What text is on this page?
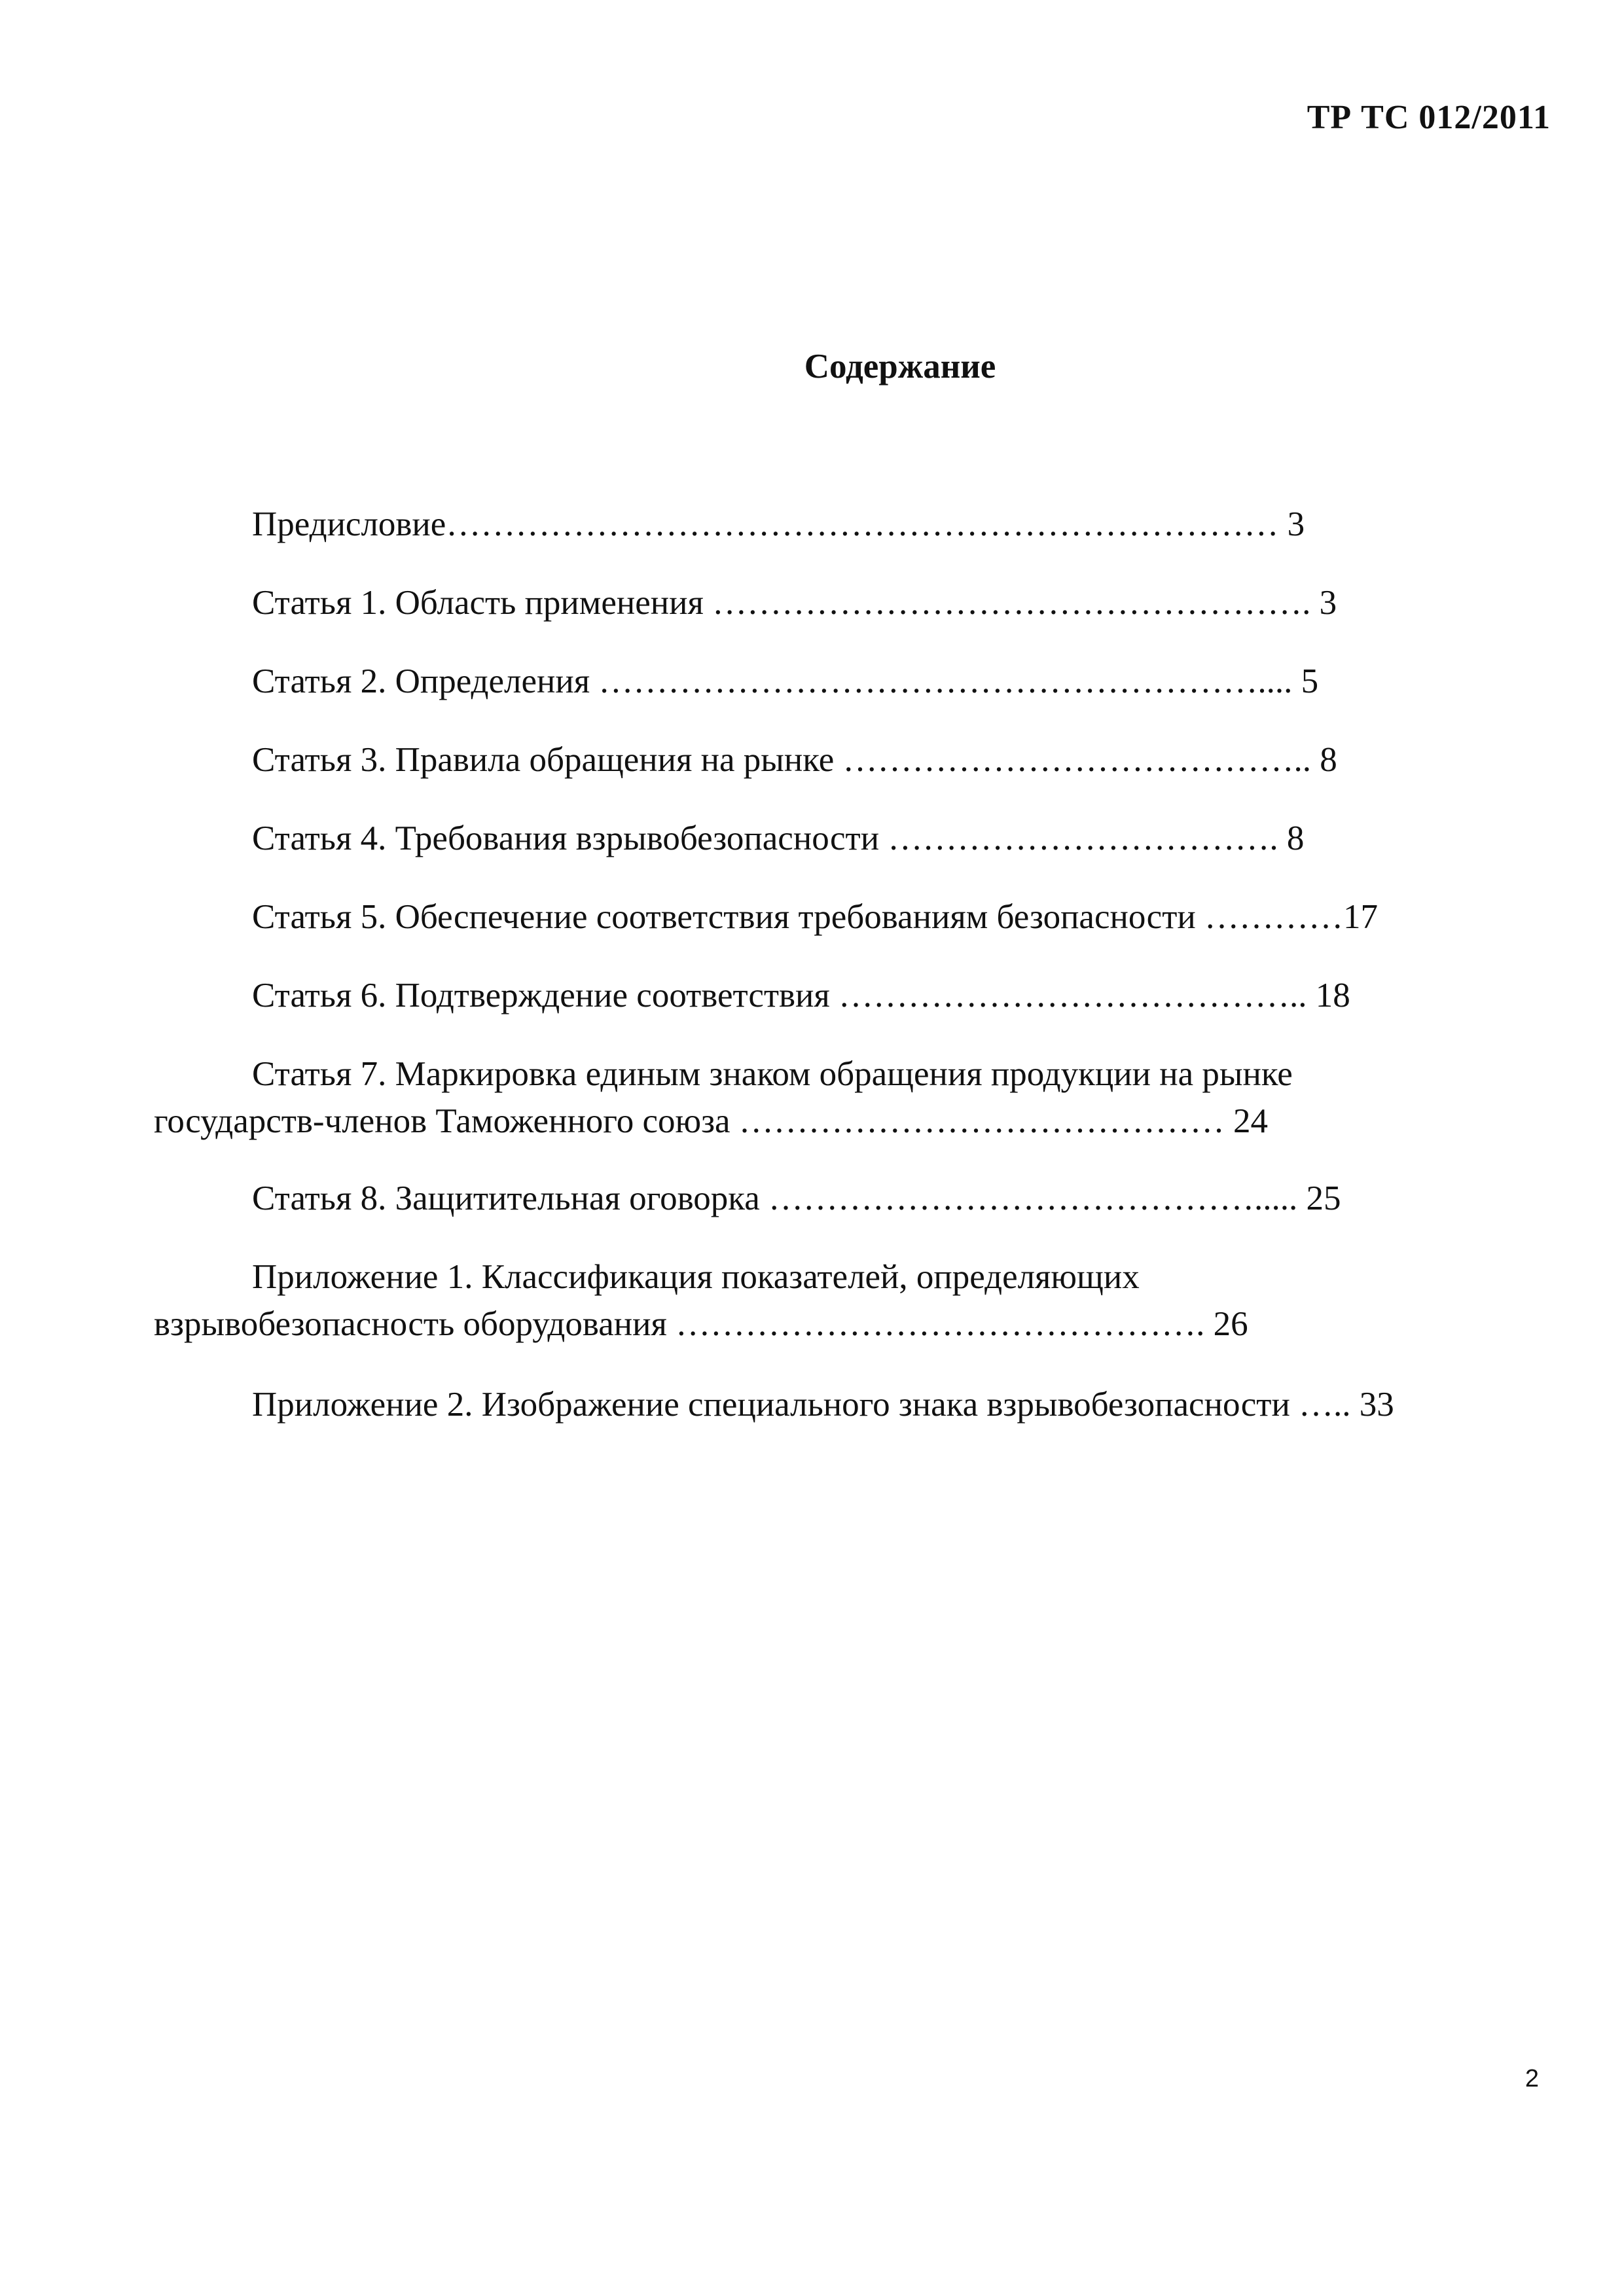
ТР ТС 012/2011
Содержание
Предисловие……………………………………………………………… 3
Статья 1. Область применения ……………………………………………. 3
Статья 2. Определения ………………………………………………….... 5
Статья 3. Правила обращения на рынке ………………………………….. 8
Статья 4. Требования взрывобезопасности ……………………………. 8
Статья 5. Обеспечение соответствия требованиям безопасности …………17
Статья 6. Подтверждение соответствия ………………………………….. 18
Статья 7. Маркировка единым знаком обращения продукции на рынке
государств-членов Таможенного союза …………………………………… 24
Статья 8. Защитительная оговорка ……………………………………..... 25
Приложение 1. Классификация показателей, определяющих
взрывобезопасность оборудования ………………………………………. 26
Приложение 2. Изображение специального знака взрывобезопасности ….. 33
2
